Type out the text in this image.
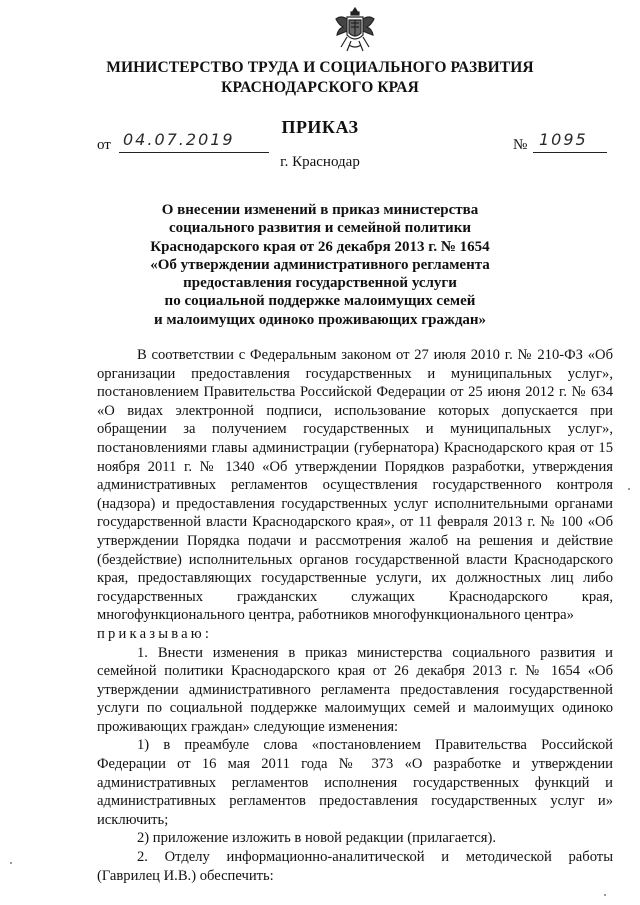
МИНИСТЕРСТВО ТРУДА И СОЦИАЛЬНОГО РАЗВИТИЯ
КРАСНОДАРСКОГО КРАЯ
ПРИКАЗ
от 04.07.2019	№ 1095
г. Краснодар
О внесении изменений в приказ министерства
социального развития и семейной политики
Краснодарского края от 26 декабря 2013 г. № 1654
«Об утверждении административного регламента
предоставления государственной услуги
по социальной поддержке малоимущих семей
и малоимущих одиноко проживающих граждан»

В соответствии с Федеральным законом от 27 июля 2010 г. № 210-ФЗ «Об организации предоставления государственных и муниципальных услуг», постановлением Правительства Российской Федерации от 25 июня 2012 г. № 634 «О видах электронной подписи, использование которых допускается при обращении за получением государственных и муниципальных услуг», постановлениями главы администрации (губернатора) Краснодарского края от 15 ноября 2011 г. № 1340 «Об утверждении Порядков разработки, утверждения административных регламентов осуществления государственного контроля (надзора) и предоставления государственных услуг исполнительными органами государственной власти Краснодарского края», от 11 февраля 2013 г. № 100 «Об утверждении Порядка подачи и рассмотрения жалоб на решения и действие (бездействие) исполнительных органов государственной власти Краснодарского края, предоставляющих государственные услуги, их должностных лиц либо государственных гражданских служащих Краснодарского края, многофункционального центра, работников многофункционального центра»

приказываю:

1. Внести изменения в приказ министерства социального развития и семейной политики Краснодарского края от 26 декабря 2013 г. № 1654 «Об утверждении административного регламента предоставления государственной услуги по социальной поддержке малоимущих семей и малоимущих одиноко проживающих граждан» следующие изменения:

1) в преамбуле слова «постановлением Правительства Российской Федерации от 16 мая 2011 года № 373 «О разработке и утверждении административных регламентов исполнения государственных функций и административных регламентов предоставления государственных услуг и» исключить;

2) приложение изложить в новой редакции (прилагается).

2. Отделу информационно-аналитической и методической работы (Гаврилец И.В.) обеспечить:
